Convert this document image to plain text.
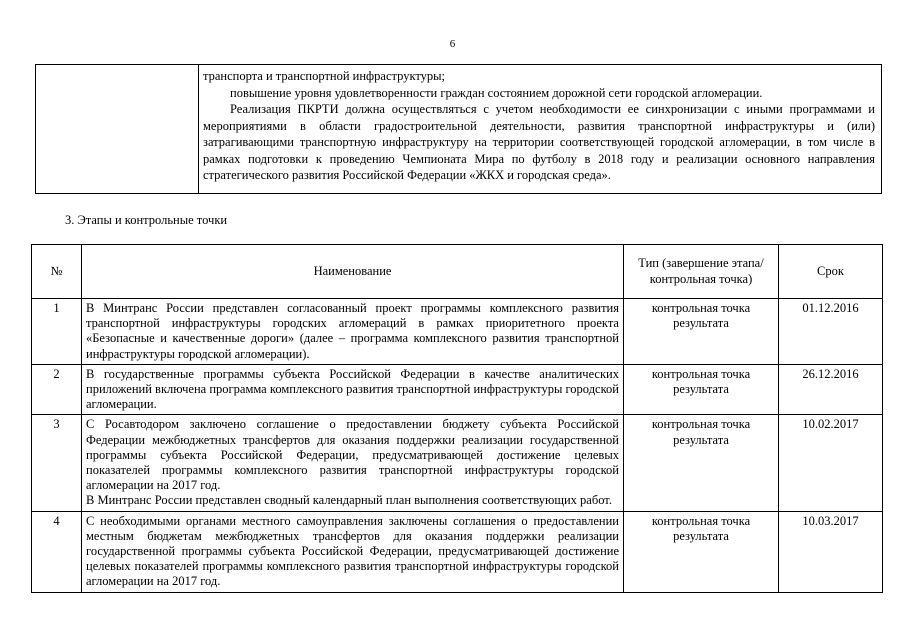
6

транспорта и транспортной инфраструктуры;

повышение уровня удовлетворенности граждан состоянием дорожной сети городской агломерации.

Реализация ПКРТИ должна осуществляться с учетом необходимости ее синхронизации с иными программами и мероприятиями в области градостроительной деятельности, развития транспортной инфраструктуры и (или) затрагивающими транспортную инфраструктуру на территории соответствующей городской агломерации, в том числе в рамках подготовки к проведению Чемпионата Мира по футболу в 2018 году и реализации основного направления стратегического развития Российской Федерации «ЖКХ и городская среда».

3. Этапы и контрольные точки
№	Наименование	Тип (завершение этапа/контрольная точка)	Срок
1	В Минтранс России представлен согласованный проект программы комплексного развития транспортной инфраструктуры городских агломераций в рамках приоритетного проекта «Безопасные и качественные дороги» (далее – программа комплексного развития транспортной инфраструктуры городской агломерации).	контрольная точка результата	01.12.2016
2	В государственные программы субъекта Российской Федерации в качестве аналитических приложений включена программа комплексного развития транспортной инфраструктуры городской агломерации.	контрольная точка результата	26.12.2016
3	С Росавтодором заключено соглашение о предоставлении бюджету субъекта Российской Федерации межбюджетных трансфертов для оказания поддержки реализации государственной программы субъекта Российской Федерации, предусматривающей достижение целевых показателей программы комплексного развития транспортной инфраструктуры городской агломерации на 2017 год.

В Минтранс России представлен сводный календарный план выполнения соответствующих работ.	контрольная точка результата	10.02.2017
4	С необходимыми органами местного самоуправления заключены соглашения о предоставлении местным бюджетам межбюджетных трансфертов для оказания поддержки реализации государственной программы субъекта Российской Федерации, предусматривающей достижение целевых показателей программы комплексного развития транспортной инфраструктуры городской агломерации на 2017 год.	контрольная точка результата	10.03.2017
